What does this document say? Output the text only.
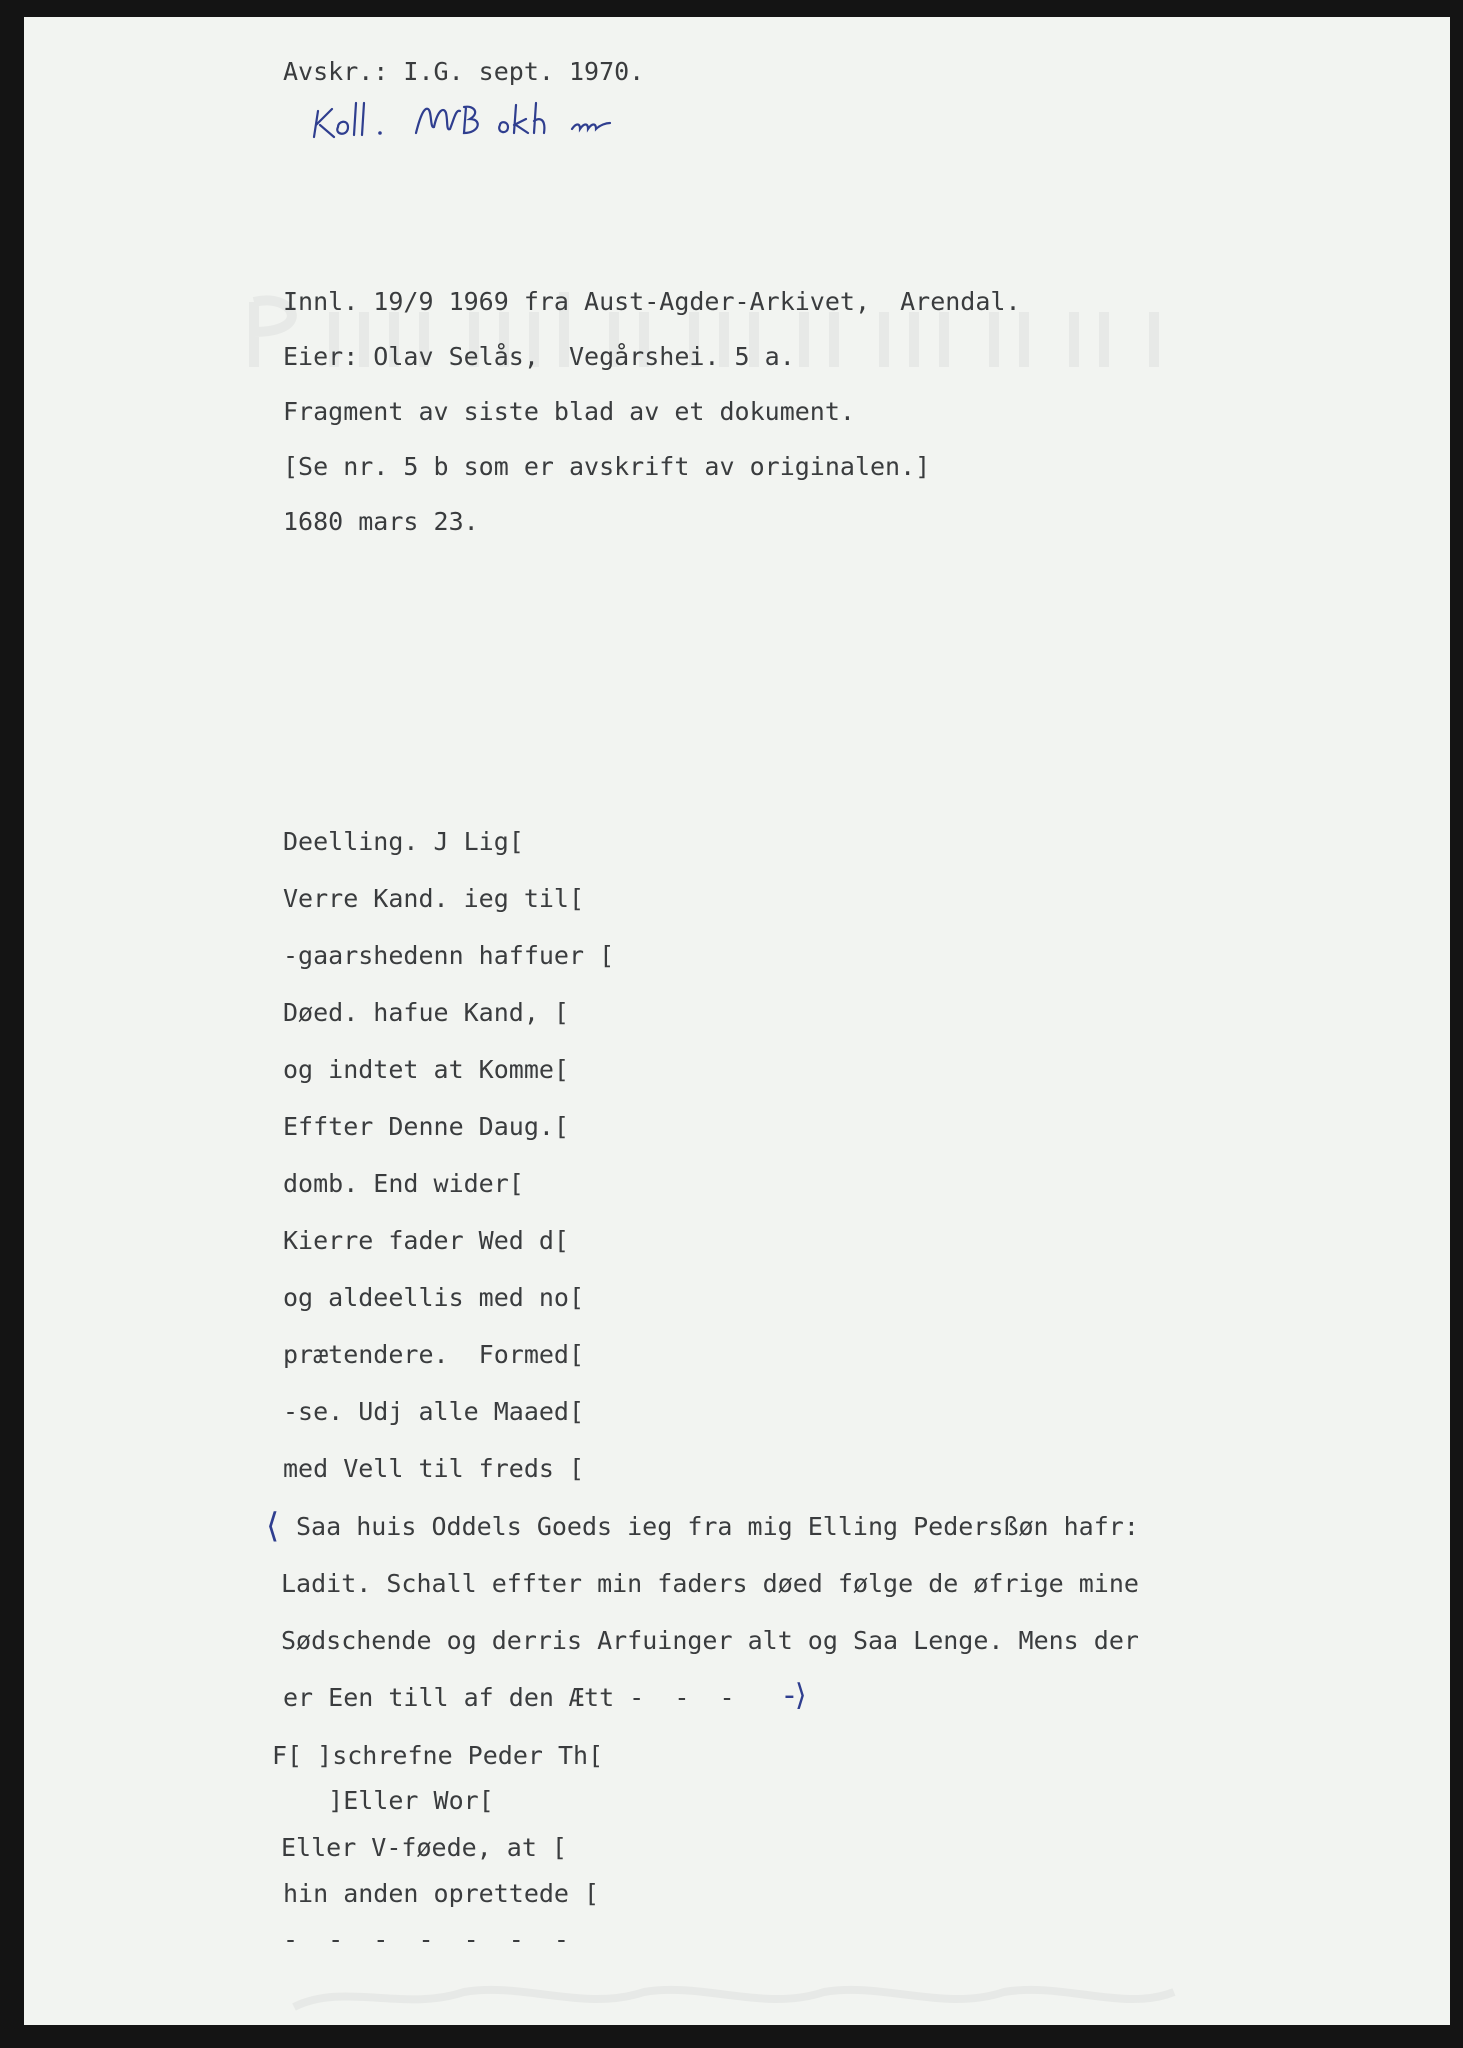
Avskr.: I.G. sept. 1970.

Innl. 19/9 1969 fra Aust-Agder-Arkivet,  Arendal.

Eier: Olav Selås,  Vegårshei. 5 a.

Fragment av siste blad av et dokument.

[Se nr. 5 b som er avskrift av originalen.]

1680 mars 23.

Deelling. J Lig[

Verre Kand. ieg til[

-gaarshedenn haffuer [

Døed. hafue Kand, [

og indtet at Komme[

Effter Denne Daug.[

domb. End wider[

Kierre fader Wed d[

og aldeellis med no[

prætendere.  Formed[

-se. Udj alle Maaed[

med Vell til freds [

⟨ Saa huis Oddels Goeds ieg fra mig Elling Pedersßøn hafr:

Ladit. Schall effter min faders døed følge de øfrige mine

Sødschende og derris Arfuinger alt og Saa Lenge. Mens der

er Een till af den Ætt -  -  - -⟩

F[ ]schrefne Peder Th[

]Eller Wor[

Eller V-føede, at [

hin anden oprettede [

-  -  -  -  -  -  -
